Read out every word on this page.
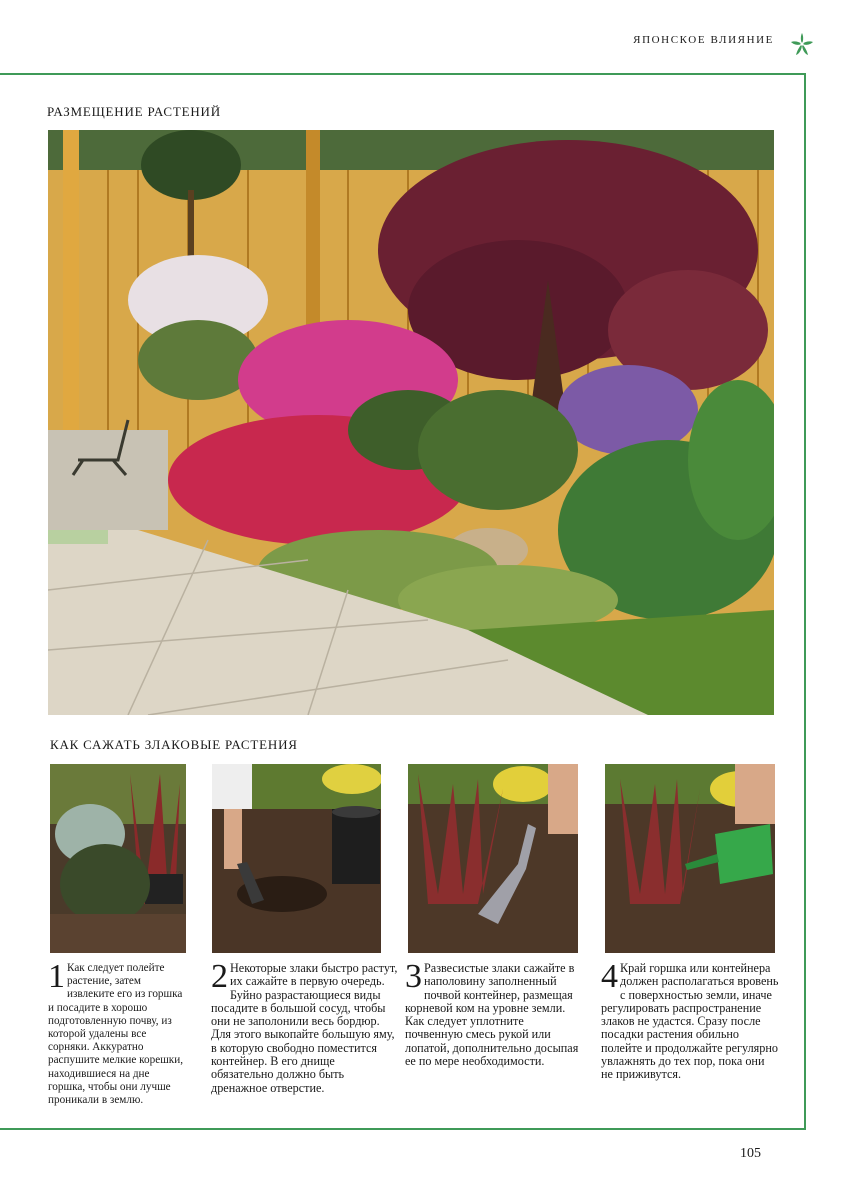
ЯПОНСКОЕ ВЛИЯНИЕ
РАЗМЕЩЕНИЕ РАСТЕНИЙ
КАК САЖАТЬ ЗЛАКОВЫЕ РАСТЕНИЯ
1 Как следует полейте растение, затем извлеките его из горшка и посадите в хорошо подготовленную почву, из которой удалены все сорняки. Аккуратно распушите мелкие корешки, находившиеся на дне горшка, чтобы они лучше проникали в землю.
2 Некоторые злаки быстро растут, их сажайте в первую очередь. Буйно разрастающиеся виды посадите в большой сосуд, чтобы они не заполонили весь бордюр. Для этого выкопайте большую яму, в которую свободно поместится контейнер. В его днище обязательно должно быть дренажное отверстие.
3 Развесистые злаки сажайте в наполовину заполненный почвой контейнер, размещая корневой ком на уровне земли. Как следует уплотните почвенную смесь рукой или лопатой, дополнительно досыпая ее по мере необходимости.
4 Край горшка или контейнера должен располагаться вровень с поверхностью земли, иначе регулировать распространение злаков не удастся. Сразу после посадки растения обильно полейте и продолжайте регулярно увлажнять до тех пор, пока они не приживутся.
105
